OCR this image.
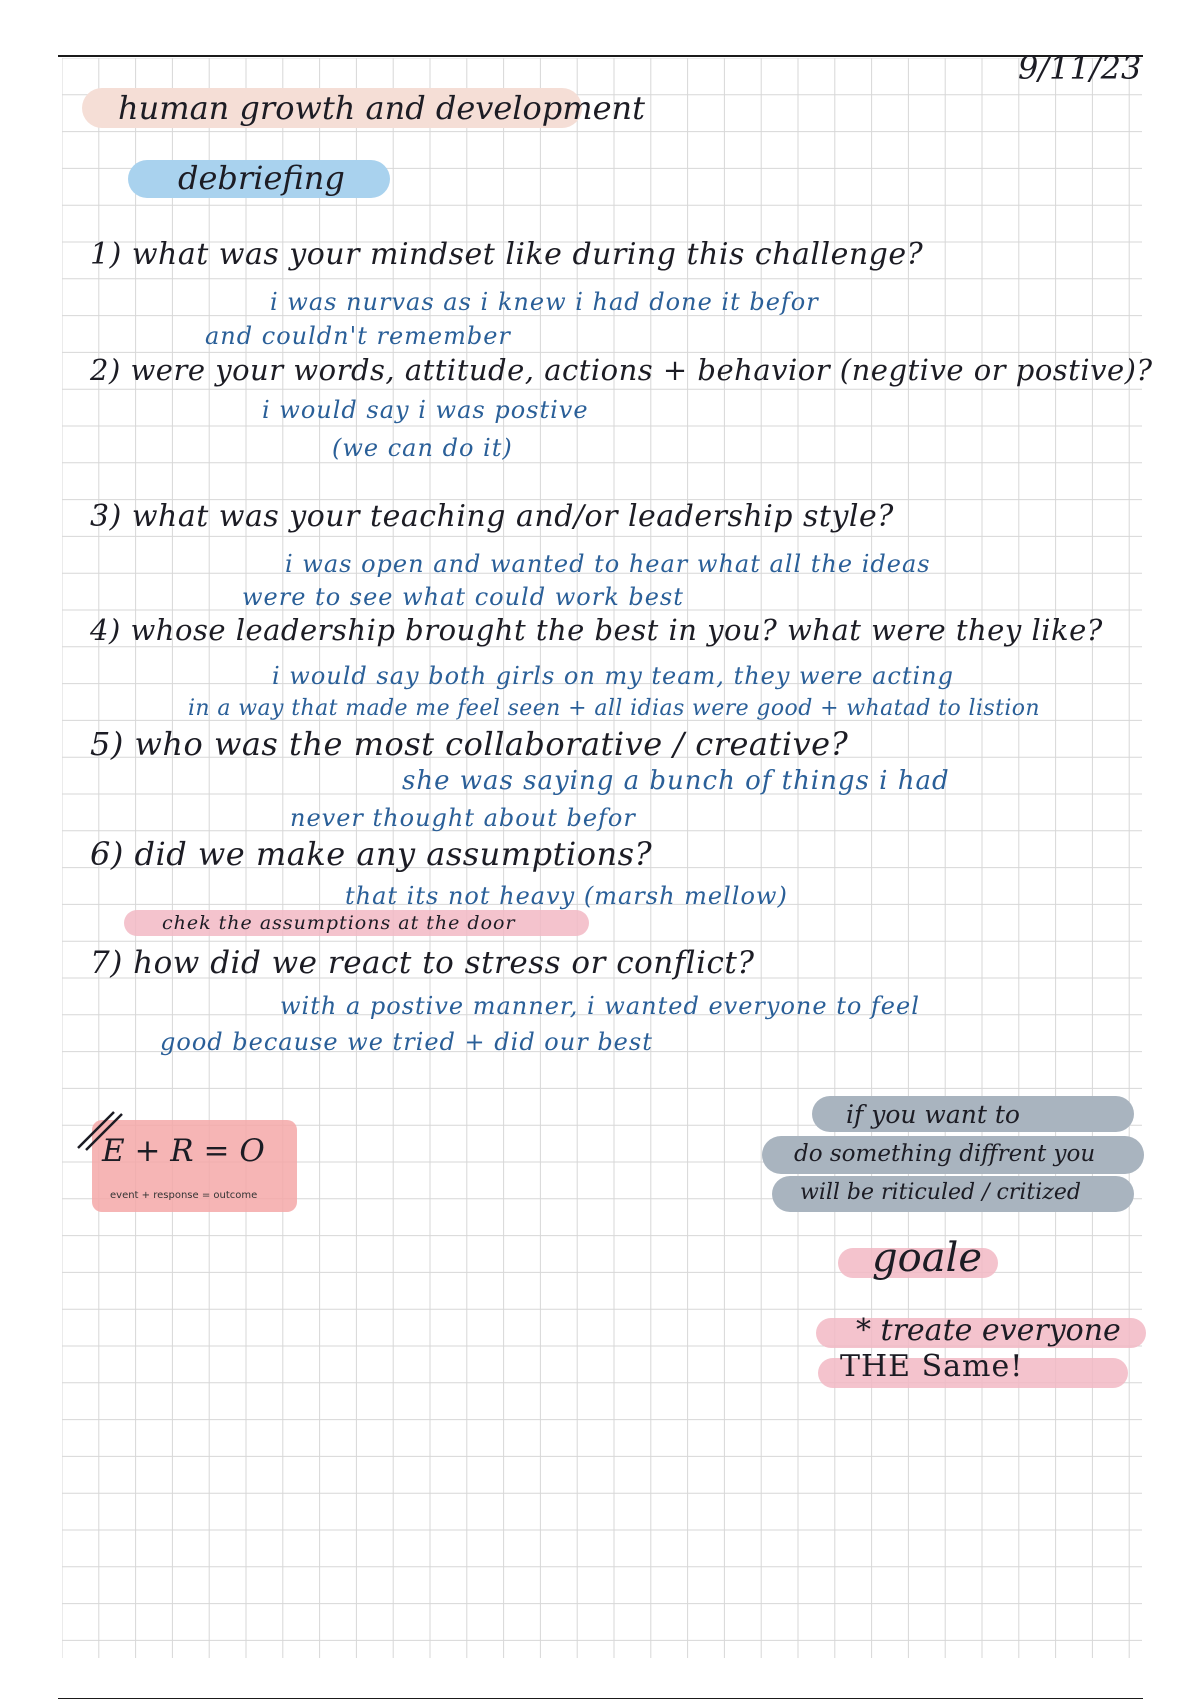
9/11/23
human growth and development
debriefing
1) what was your mindset like during this challenge?
i was nurvas as i knew i had done it befor
and couldn't remember
2) were your words, attitude, actions + behavior (negtive or postive)?
i would say i was postive
(we can do it)
3) what was your teaching and/or leadership style?
i was open and wanted to hear what all the ideas
were to see what could work best
4) whose leadership brought the best in you? what were they like?
i would say both girls on my team, they were acting
in a way that made me feel seen + all idias were good + whatad to listion
5) who was the most collaborative / creative?
she was saying a bunch of things i had
never thought about befor
6) did we make any assumptions?
that its not heavy (marsh mellow)
chek the assumptions at the door
7) how did we react to stress or conflict?
with a postive manner, i wanted everyone to feel
good because we tried + did our best
E + R = O
event + response = outcome
if you want to
do something diffrent you
will be riticuled / critized
goale
* treate everyone
THE Same!
